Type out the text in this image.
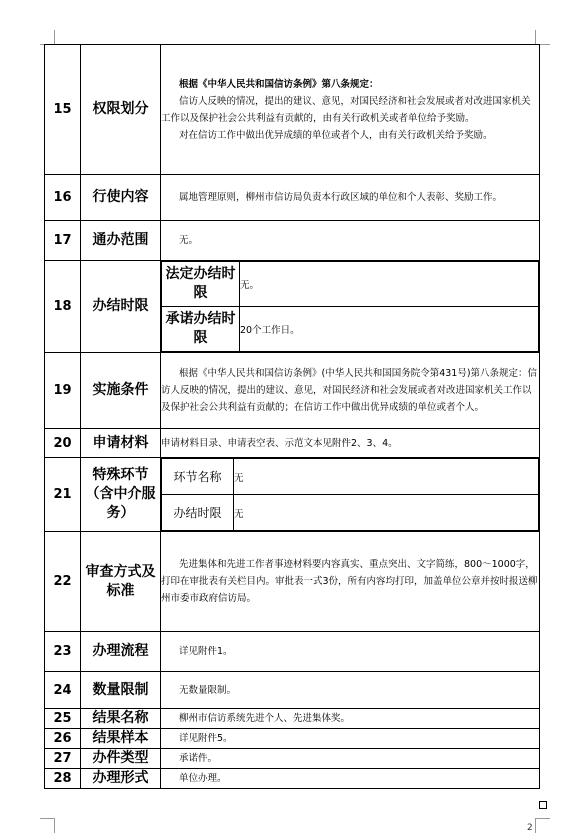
15	权限划分	

根据《中华人民共和国信访条例》第八条规定：

信访人反映的情况，提出的建议、意见，对国民经济和社会发展或者对改进国家机关工作以及保护社会公共利益有贡献的，由有关行政机关或者单位给予奖励。

对在信访工作中做出优异成绩的单位或者个人，由有关行政机关给予奖励。

16	行使内容	属地管理原则，柳州市信访局负责本行政区域的单位和个人表彰、奖励工作。

17	通办范围	无。

18	办结时限	
法定办结时限	无。
承诺办结时限	20个工作日。

19	实施条件	

根据《中华人民共和国信访条例》(中华人民共和国国务院令第431号)第八条规定：信访人反映的情况，提出的建议、意见，对国民经济和社会发展或者对改进国家机关工作以及保护社会公共利益有贡献的；在信访工作中做出优异成绩的单位或者个人。

20	申请材料	申请材料目录、申请表空表、示范文本见附件2、3、4。

21	特殊环节（含中介服务）	
环节名称	无
办结时限	无

22	审查方式及标准	

先进集体和先进工作者事迹材料要内容真实、重点突出、文字简练，800～1000字，打印在审批表有关栏目内。审批表一式3份，所有内容均打印，加盖单位公章并按时报送柳州市委市政府信访局。

23	办理流程	详见附件1。

24	数量限制	无数量限制。

25	结果名称	柳州市信访系统先进个人、先进集体奖。

26	结果样本	详见附件5。

27	办件类型	承诺件。

28	办理形式	单位办理。

2
